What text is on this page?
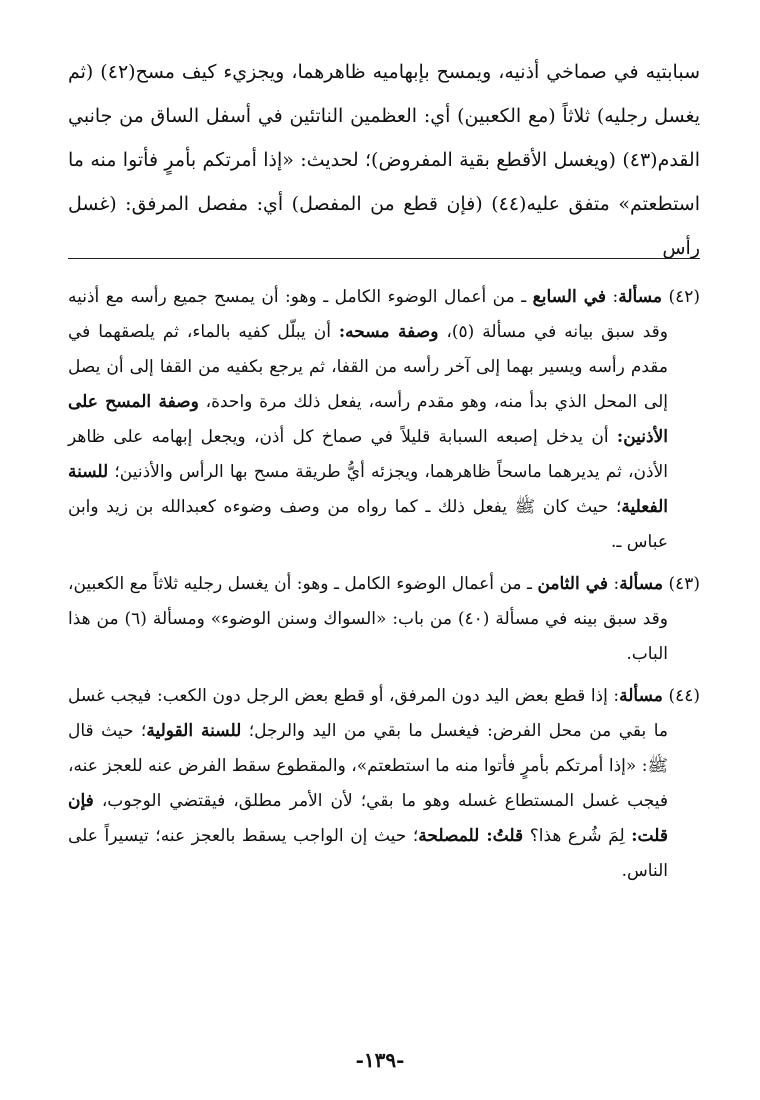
سبابتيه في صماخي أذنيه، ويمسح بإبهاميه ظاهرهما، ويجزيء كيف مسح(٤٢) (ثم يغسل رجليه) ثلاثاً (مع الكعبين) أي: العظمين الناتئين في أسفل الساق من جانبي القدم(٤٣) (ويغسل الأقطع بقية المفروض)؛ لحديث: «إذا أمرتكم بأمرٍ فأتوا منه ما استطعتم» متفق عليه(٤٤) (فإن قطع من المفصل) أي: مفصل المرفق: (غسل رأس

(٤٢) مسألة: في السابع ـ من أعمال الوضوء الكامل ـ وهو: أن يمسح جميع رأسه مع أذنيه وقد سبق بيانه في مسألة (٥)، وصفة مسحه: أن يبلّل كفيه بالماء، ثم يلصقهما في مقدم رأسه ويسير بهما إلى آخر رأسه من القفا، ثم يرجع بكفيه من القفا إلى أن يصل إلى المحل الذي بدأ منه، وهو مقدم رأسه، يفعل ذلك مرة واحدة، وصفة المسح على الأذنين: أن يدخل إصبعه السبابة قليلاً في صماخ كل أذن، ويجعل إبهامه على ظاهر الأذن، ثم يديرهما ماسحاً ظاهرهما، ويجزئه أيُّ طريقة مسح بها الرأس والأذنين؛ للسنة الفعلية؛ حيث كان ﷺ يفعل ذلك ـ كما رواه من وصف وضوءه كعبدالله بن زيد وابن عباس ـ.

(٤٣) مسألة: في الثامن ـ من أعمال الوضوء الكامل ـ وهو: أن يغسل رجليه ثلاثاً مع الكعبين، وقد سبق بينه في مسألة (٤٠) من باب: «السواك وسنن الوضوء» ومسألة (٦) من هذا الباب.

(٤٤) مسألة: إذا قطع بعض اليد دون المرفق، أو قطع بعض الرجل دون الكعب: فيجب غسل ما بقي من محل الفرض: فيغسل ما بقي من اليد والرجل؛ للسنة القولية؛ حيث قال ﷺ: «إذا أمرتكم بأمرٍ فأتوا منه ما استطعتم»، والمقطوع سقط الفرض عنه للعجز عنه، فيجب غسل المستطاع غسله وهو ما بقي؛ لأن الأمر مطلق، فيقتضي الوجوب، فإن قلت: لِمَ شُرع هذا؟ قلتُ: للمصلحة؛ حيث إن الواجب يسقط بالعجز عنه؛ تيسيراً على الناس.

-١٣٩-
